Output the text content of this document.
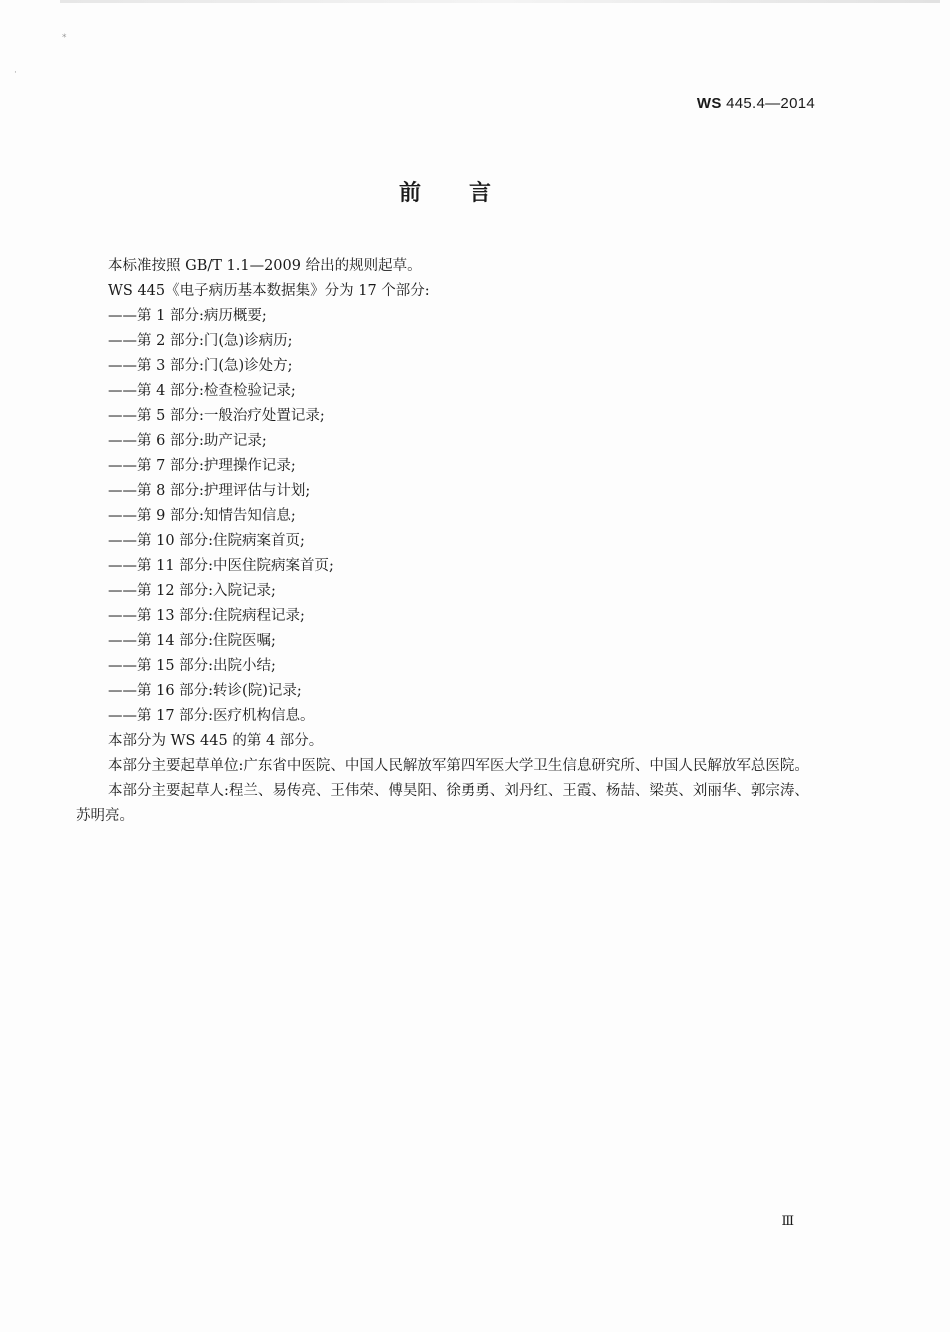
*
·
WS 445.4—2014
前言

本标准按照 GB/T 1.1—2009 给出的规则起草。

WS 445《电子病历基本数据集》分为 17 个部分:

——第 1 部分:病历概要;
——第 2 部分:门(急)诊病历;
——第 3 部分:门(急)诊处方;
——第 4 部分:检查检验记录;
——第 5 部分:一般治疗处置记录;
——第 6 部分:助产记录;
——第 7 部分:护理操作记录;
——第 8 部分:护理评估与计划;
——第 9 部分:知情告知信息;
——第 10 部分:住院病案首页;
——第 11 部分:中医住院病案首页;
——第 12 部分:入院记录;
——第 13 部分:住院病程记录;
——第 14 部分:住院医嘱;
——第 15 部分:出院小结;
——第 16 部分:转诊(院)记录;
——第 17 部分:医疗机构信息。

本部分为 WS 445 的第 4 部分。

本部分主要起草单位:广东省中医院、中国人民解放军第四军医大学卫生信息研究所、中国人民解放军总医院。

本部分主要起草人:程兰、易传亮、王伟荣、傅昊阳、徐勇勇、刘丹红、王霞、杨喆、梁英、刘丽华、郭宗涛、苏明亮。

Ⅲ
